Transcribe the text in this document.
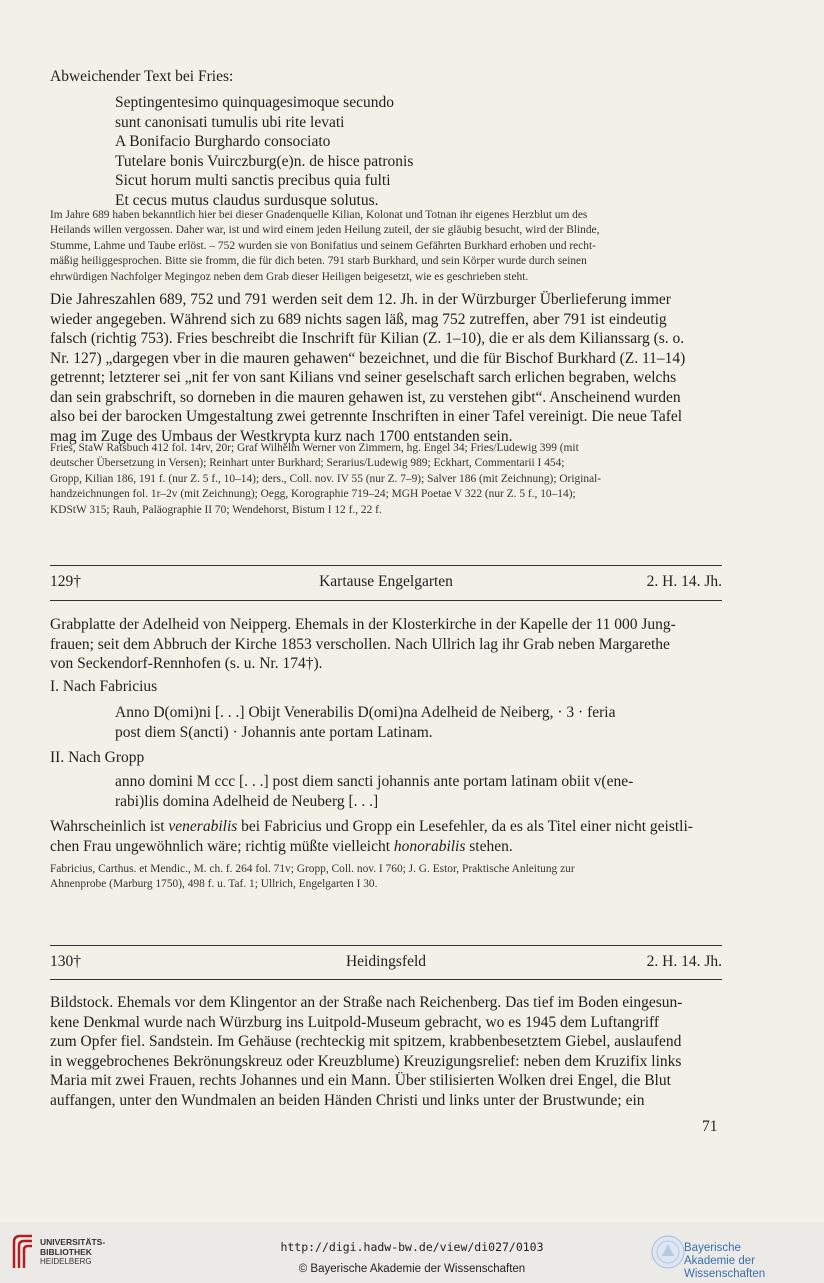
Abweichender Text bei Fries:
Septingentesimo quinquagesimoque secundo
sunt canonisati tumulis ubi rite levati
A Bonifacio Burghardo consociato
Tutelare bonis Vuirczburg(e)n. de hisce patronis
Sicut horum multi sanctis precibus quia fulti
Et cecus mutus claudus surdusque solutus.
Im Jahre 689 haben bekanntlich hier bei dieser Gnadenquelle Kilian, Kolonat und Totnan ihr eigenes Herzblut um des
Heilands willen vergossen. Daher war, ist und wird einem jeden Heilung zuteil, der sie gläubig besucht, wird der Blinde,
Stumme, Lahme und Taube erlöst. – 752 wurden sie von Bonifatius und seinem Gefährten Burkhard erhoben und recht-
mäßig heiliggesprochen. Bitte sie fromm, die für dich beten. 791 starb Burkhard, und sein Körper wurde durch seinen
ehrwürdigen Nachfolger Megingoz neben dem Grab dieser Heiligen beigesetzt, wie es geschrieben steht.
Die Jahreszahlen 689, 752 und 791 werden seit dem 12. Jh. in der Würzburger Überlieferung immer
wieder angegeben. Während sich zu 689 nichts sagen läß, mag 752 zutreffen, aber 791 ist eindeutig
falsch (richtig 753). Fries beschreibt die Inschrift für Kilian (Z. 1–10), die er als dem Kilianssarg (s. o.
Nr. 127) „dargegen vber in die mauren gehawen“ bezeichnet, und die für Bischof Burkhard (Z. 11–14)
getrennt; letzterer sei „nit fer von sant Kilians vnd seiner geselschaft sarch erlichen begraben, welchs
dan sein grabschrift, so dorneben in die mauren gehawen ist, zu verstehen gibt“. Anscheinend wurden
also bei der barocken Umgestaltung zwei getrennte Inschriften in einer Tafel vereinigt. Die neue Tafel
mag im Zuge des Umbaus der Westkrypta kurz nach 1700 entstanden sein.
Fries, StaW Ratsbuch 412 fol. 14rv, 20r; Graf Wilhelm Werner von Zimmern, hg. Engel 34; Fries/Ludewig 399 (mit
deutscher Übersetzung in Versen); Reinhart unter Burkhard; Serarius/Ludewig 989; Eckhart, Commentarii I 454;
Gropp, Kilian 186, 191 f. (nur Z. 5 f., 10–14); ders., Coll. nov. IV 55 (nur Z. 7–9); Salver 186 (mit Zeichnung); Original-
handzeichnungen fol. 1r–2v (mit Zeichnung); Oegg, Korographie 719–24; MGH Poetae V 322 (nur Z. 5 f., 10–14);
KDStW 315; Rauh, Paläographie II 70; Wendehorst, Bistum I 12 f., 22 f.
129†	Kartause Engelgarten	2. H. 14. Jh.
Grabplatte der Adelheid von Neipperg. Ehemals in der Klosterkirche in der Kapelle der 11 000 Jung-
frauen; seit dem Abbruch der Kirche 1853 verschollen. Nach Ullrich lag ihr Grab neben Margarethe
von Seckendorf-Rennhofen (s. u. Nr. 174†).
I. Nach Fabricius
Anno D(omi)ni [. . .] Obijt Venerabilis D(omi)na Adelheid de Neiberg, · 3 · feria
post diem S(ancti) · Johannis ante portam Latinam.
II. Nach Gropp
anno domini M ccc [. . .] post diem sancti johannis ante portam latinam obiit v(ene-
rabi)lis domina Adelheid de Neuberg [. . .]
Wahrscheinlich ist venerabilis bei Fabricius und Gropp ein Lesefehler, da es als Titel einer nicht geistli-
chen Frau ungewöhnlich wäre; richtig müßte vielleicht honorabilis stehen.
Fabricius, Carthus. et Mendic., M. ch. f. 264 fol. 71v; Gropp, Coll. nov. I 760; J. G. Estor, Praktische Anleitung zur
Ahnenprobe (Marburg 1750), 498 f. u. Taf. 1; Ullrich, Engelgarten I 30.
130†	Heidingsfeld	2. H. 14. Jh.
Bildstock. Ehemals vor dem Klingentor an der Straße nach Reichenberg. Das tief im Boden eingesun-
kene Denkmal wurde nach Würzburg ins Luitpold-Museum gebracht, wo es 1945 dem Luftangriff
zum Opfer fiel. Sandstein. Im Gehäuse (rechteckig mit spitzem, krabbenbesetztem Giebel, auslaufend
in weggebrochenes Bekrönungskreuz oder Kreuzblume) Kreuzigungsrelief: neben dem Kruzifix links
Maria mit zwei Frauen, rechts Johannes und ein Mann. Über stilisierten Wolken drei Engel, die Blut
auffangen, unter den Wundmalen an beiden Händen Christi und links unter der Brustwunde; ein
71
UNIVERSITÄTS-
BIBLIOTHEK
HEIDELBERG
http://digi.hadw-bw.de/view/di027/0103
© Bayerische Akademie der Wissenschaften
Bayerische
Akademie der Wissenschaften
